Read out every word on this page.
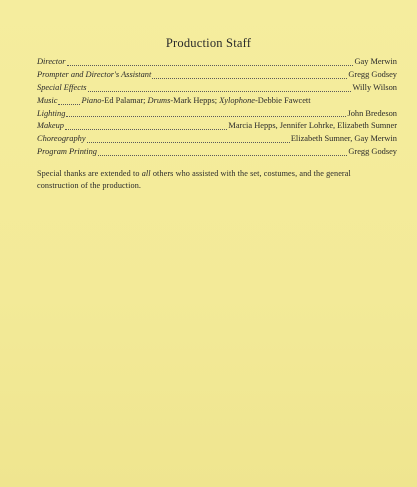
Production Staff
Director	Gay Merwin
Prompter and Director's Assistant	Gregg Godsey
Special Effects	Willy Wilson
Music	Piano-Ed Palamar; Drums-Mark Hepps; Xylophone-Debbie Fawcett
Lighting	John Bredeson
Makeup	Marcia Hepps, Jennifer Lohrke, Elizabeth Sumner
Choreography	Elizabeth Sumner, Gay Merwin
Program Printing	Gregg Godsey
Special thanks are extended to all others who assisted with the set, costumes, and the general construction of the production.
